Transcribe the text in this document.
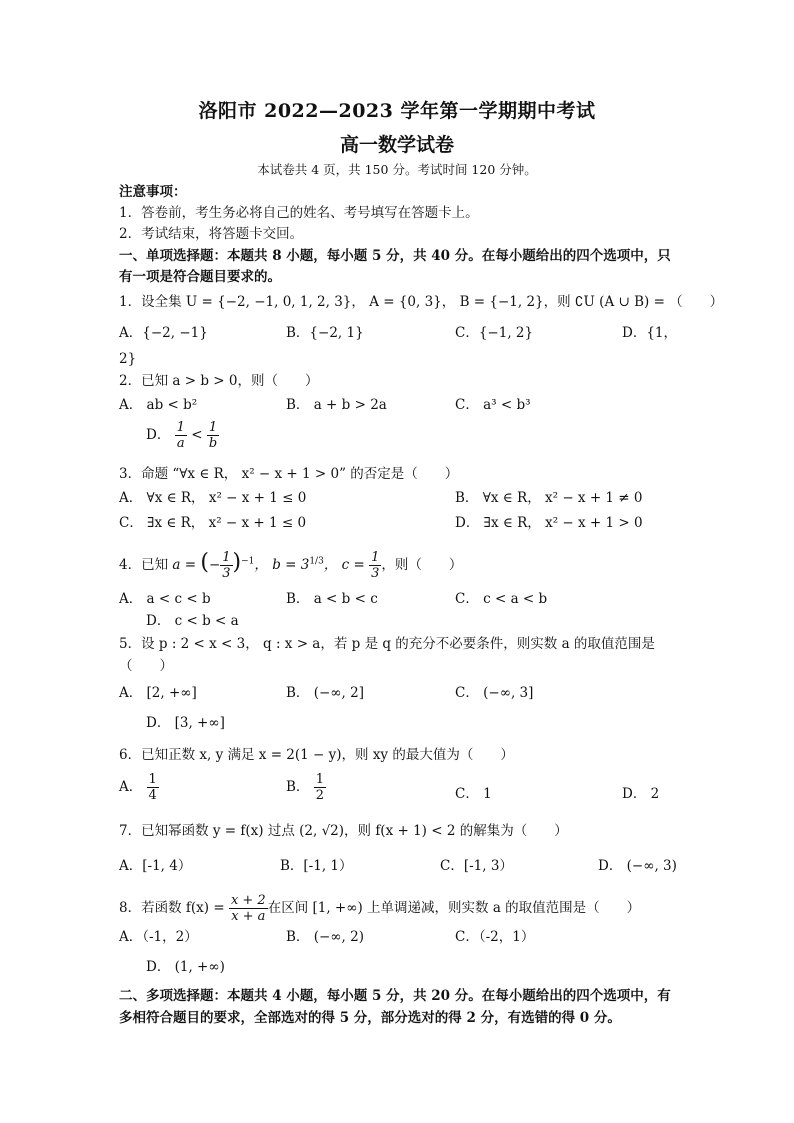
洛阳市 2022—2023 学年第一学期期中考试
高一数学试卷
本试卷共 4 页，共 150 分。考试时间 120 分钟。
注意事项：
1．答卷前，考生务必将自己的姓名、考号填写在答题卡上。
2．考试结束，将答题卡交回。
一、单项选择题：本题共 8 小题，每小题 5 分，共 40 分。在每小题给出的四个选项中，只
有一项是符合题目要求的。
1．设全集 U = {−2, −1, 0, 1, 2, 3}， A = {0, 3}， B = {−1, 2}，则 ∁U (A ∪ B) = （　　）
A．{−2, −1}	B．{−2, 1}	C．{−1, 2}	D．{1，
2}
2．已知 a > b > 0，则（　　）
A． ab < b²	B． a + b > 2a	C． a³ < b³
D． $\frac{1}{a} < \frac{1}{b}$
3．命题 “∀x ∈ R， x² − x + 1 > 0” 的否定是（　　）
A． ∀x ∈ R， x² − x + 1 ≤ 0	B． ∀x ∈ R， x² − x + 1 ≠ 0
C． ∃x ∈ R， x² − x + 1 ≤ 0	D． ∃x ∈ R， x² − x + 1 > 0
4．已知 a = (− $\frac{1}{3} )^{-1}$， $b = 3^{1/3}$， $c = \frac{1}{3}$ ，则（　　）
A． a < c < b	B． a < b < c	C． c < a < b
D． c < b < a
5．设 p : 2 < x < 3， q : x > a，若 p 是 q 的充分不必要条件，则实数 a 的取值范围是
（　　）
A． [2, +∞]	B． (−∞, 2]	C． (−∞, 3]
D． [3, +∞]
6．已知正数 x, y 满足 x = 2(1 − y)，则 xy 的最大值为（　　）
A． $\frac{1}{4}$	B． $\frac{1}{2}$	C． 1	D． 2
7．已知幂函数 y = f(x) 过点 (2, √2)，则 f(x + 1) < 2 的解集为（　　）
A．[-1, 4）	B．[-1, 1）	C．[-1, 3）	D． (−∞, 3)
8．若函数 $f(x) = \frac{x + 2}{x + a}$ 在区间 [1, +∞) 上单调递减，则实数 a 的取值范围是（　　）
A．（-1，2）	B． (−∞, 2)	C．（-2，1）
D． (1, +∞)
二、多项选择题：本题共 4 小题，每小题 5 分，共 20 分。在每小题给出的四个选项中，有
多相符合题目的要求，全部选对的得 5 分，部分选对的得 2 分，有选错的得 0 分。
